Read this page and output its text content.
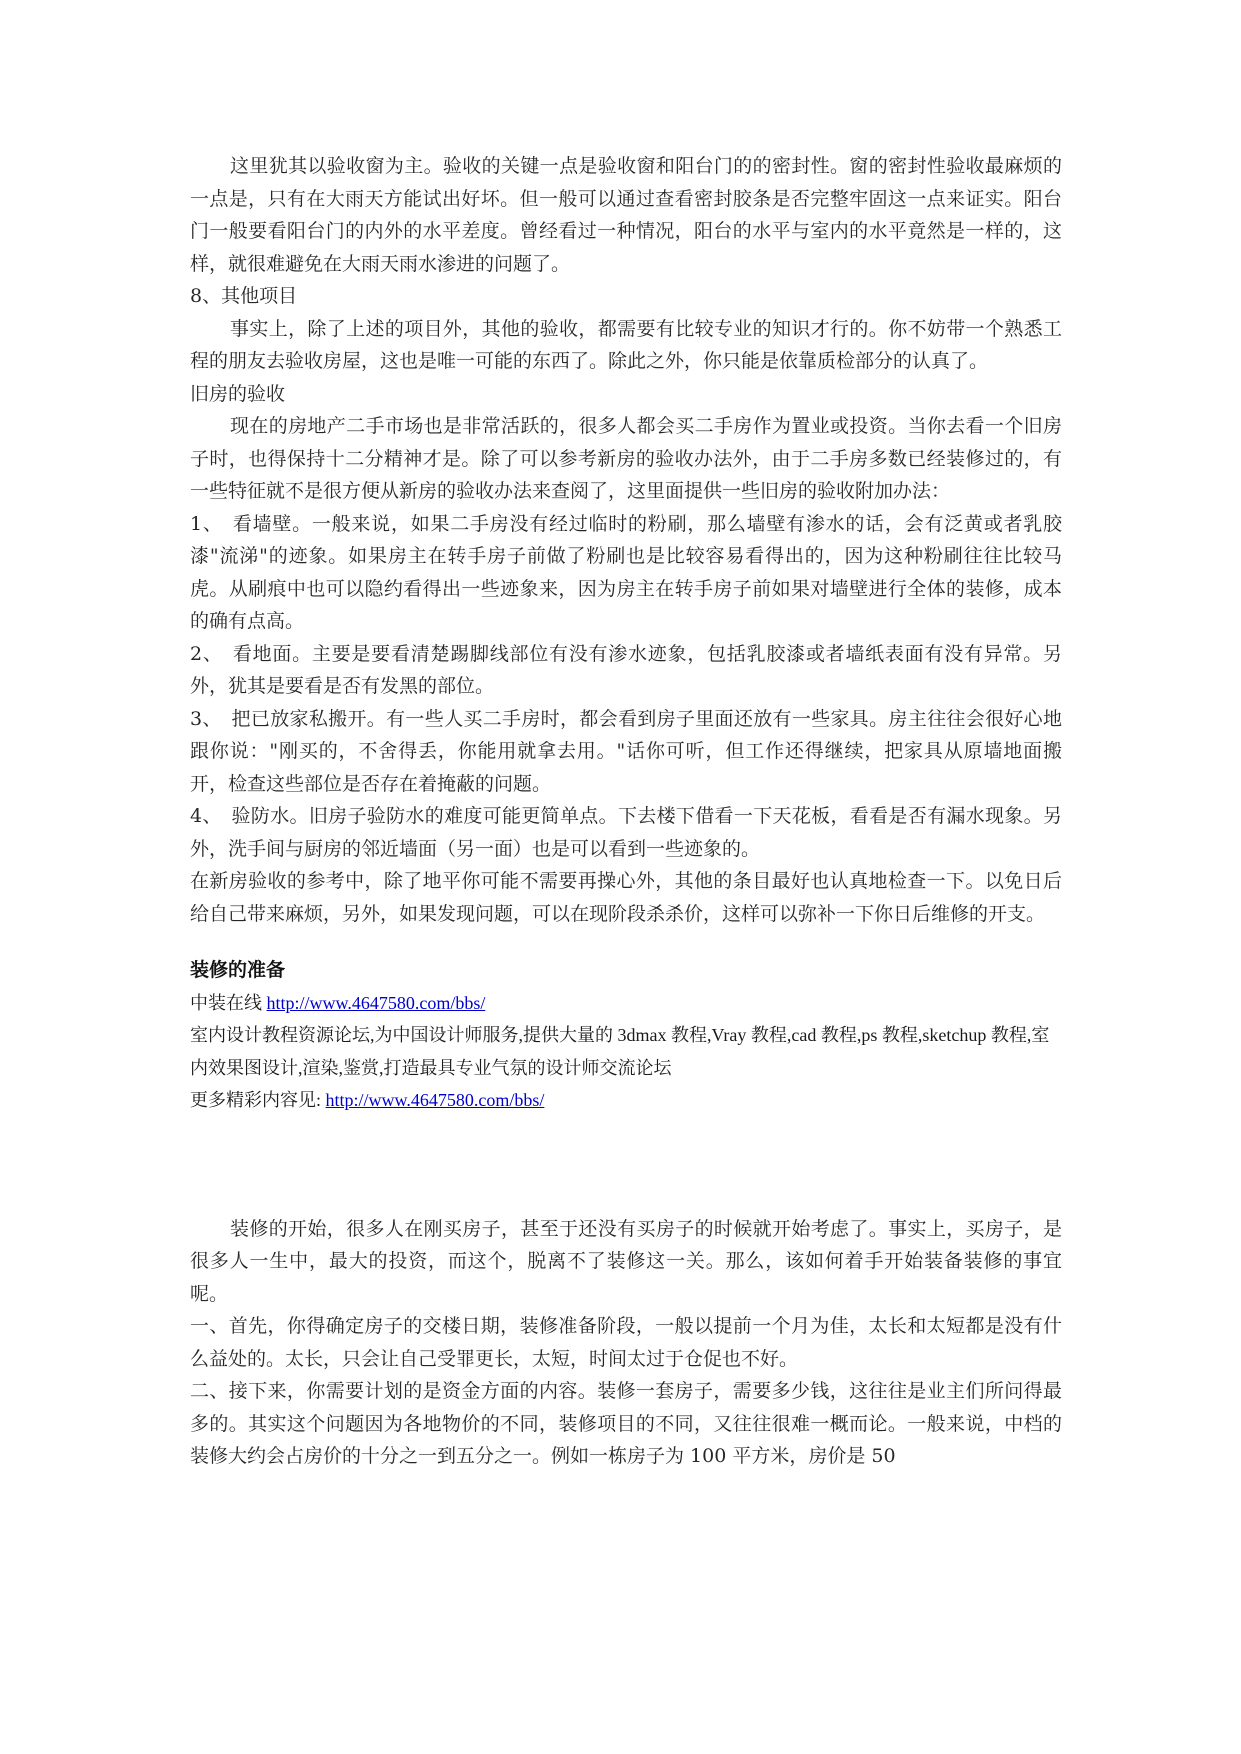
这里犹其以验收窗为主。验收的关键一点是验收窗和阳台门的的密封性。窗的密封性验收最麻烦的一点是，只有在大雨天方能试出好坏。但一般可以通过查看密封胶条是否完整牢固这一点来证实。阳台门一般要看阳台门的内外的水平差度。曾经看过一种情况，阳台的水平与室内的水平竟然是一样的，这样，就很难避免在大雨天雨水渗进的问题了。

8、其他项目

事实上，除了上述的项目外，其他的验收，都需要有比较专业的知识才行的。你不妨带一个熟悉工程的朋友去验收房屋，这也是唯一可能的东西了。除此之外，你只能是依靠质检部分的认真了。

旧房的验收

现在的房地产二手市场也是非常活跃的，很多人都会买二手房作为置业或投资。当你去看一个旧房子时，也得保持十二分精神才是。除了可以参考新房的验收办法外，由于二手房多数已经装修过的，有一些特征就不是很方便从新房的验收办法来查阅了，这里面提供一些旧房的验收附加办法：

1、　看墙壁。一般来说，如果二手房没有经过临时的粉刷，那么墙壁有渗水的话，会有泛黄或者乳胶漆"流涕"的迹象。如果房主在转手房子前做了粉刷也是比较容易看得出的，因为这种粉刷往往比较马虎。从刷痕中也可以隐约看得出一些迹象来，因为房主在转手房子前如果对墙壁进行全体的装修，成本的确有点高。

2、　看地面。主要是要看清楚踢脚线部位有没有渗水迹象，包括乳胶漆或者墙纸表面有没有异常。另外，犹其是要看是否有发黑的部位。

3、　把已放家私搬开。有一些人买二手房时，都会看到房子里面还放有一些家具。房主往往会很好心地跟你说："刚买的，不舍得丢，你能用就拿去用。"话你可听，但工作还得继续，把家具从原墙地面搬开，检查这些部位是否存在着掩蔽的问题。

4、　验防水。旧房子验防水的难度可能更简单点。下去楼下借看一下天花板，看看是否有漏水现象。另外，洗手间与厨房的邻近墙面（另一面）也是可以看到一些迹象的。

在新房验收的参考中，除了地平你可能不需要再操心外，其他的条目最好也认真地检查一下。以免日后给自己带来麻烦，另外，如果发现问题，可以在现阶段杀杀价，这样可以弥补一下你日后维修的开支。

装修的准备

中装在线 http://www.4647580.com/bbs/

室内设计教程资源论坛,为中国设计师服务,提供大量的 3dmax 教程,Vray 教程,cad 教程,ps 教程,sketchup 教程,室内效果图设计,渲染,鉴赏,打造最具专业气氛的设计师交流论坛

更多精彩内容见: http://www.4647580.com/bbs/

装修的开始，很多人在刚买房子，甚至于还没有买房子的时候就开始考虑了。事实上，买房子，是很多人一生中，最大的投资，而这个，脱离不了装修这一关。那么，该如何着手开始装备装修的事宜呢。

一、首先，你得确定房子的交楼日期，装修准备阶段，一般以提前一个月为佳，太长和太短都是没有什么益处的。太长，只会让自己受罪更长，太短，时间太过于仓促也不好。

二、接下来，你需要计划的是资金方面的内容。装修一套房子，需要多少钱，这往往是业主们所问得最多的。其实这个问题因为各地物价的不同，装修项目的不同，又往往很难一概而论。一般来说，中档的装修大约会占房价的十分之一到五分之一。例如一栋房子为 100 平方米，房价是 50
